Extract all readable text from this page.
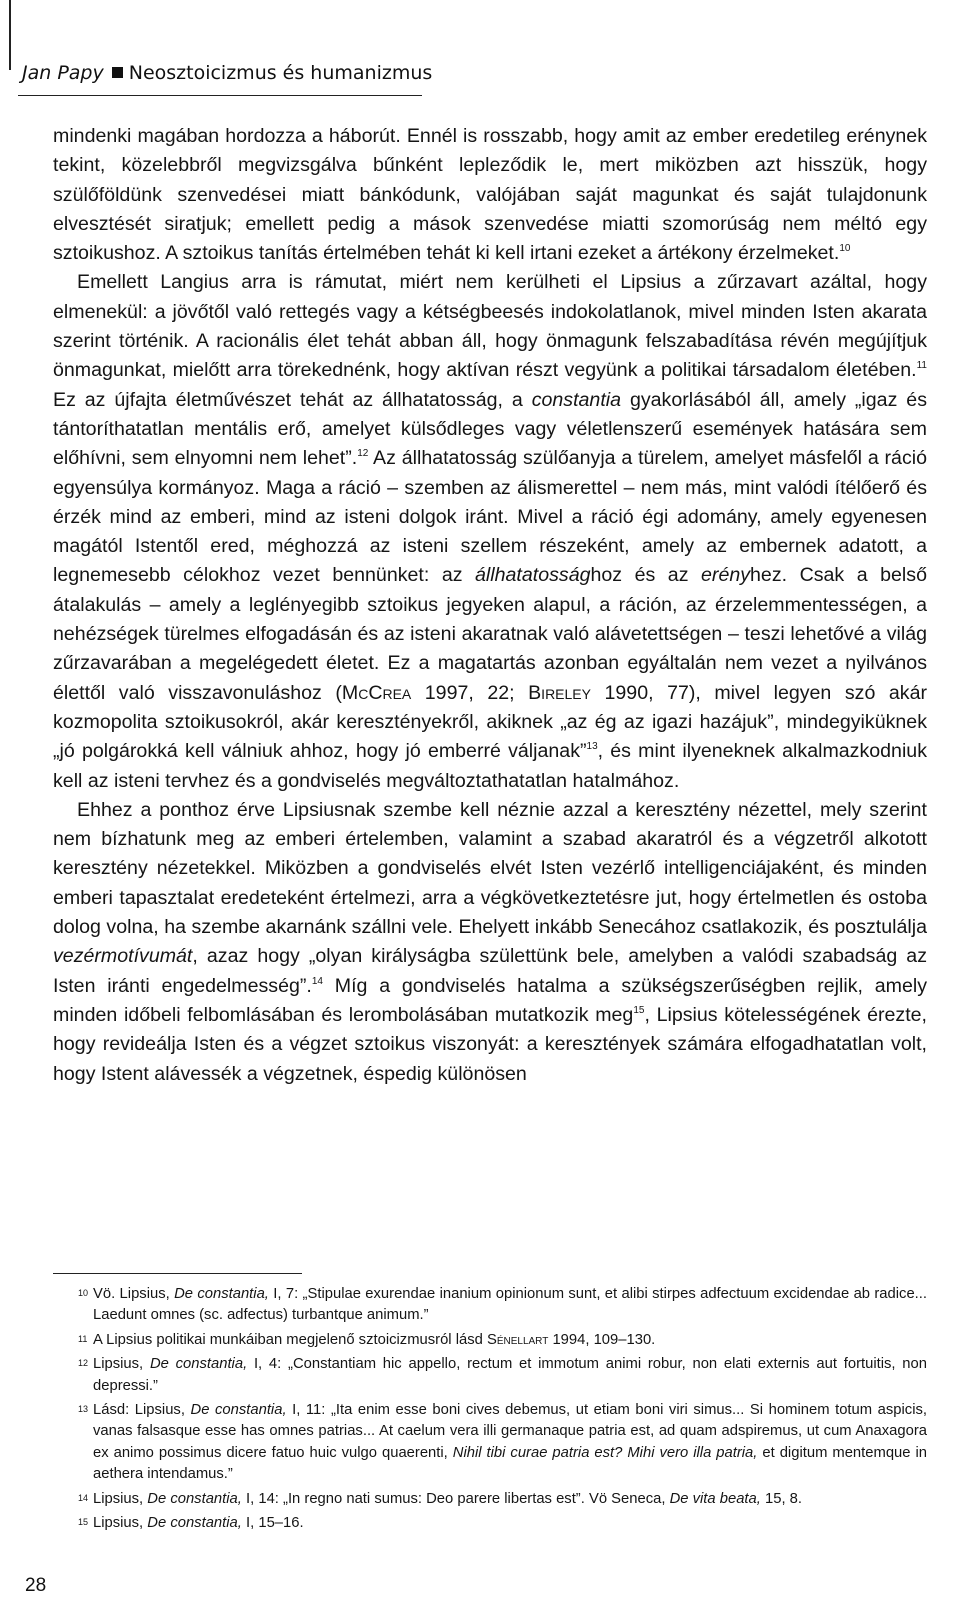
Jan Papy Neosztoicizmus és humanizmus

mindenki magában hordozza a háborút. Ennél is rosszabb, hogy amit az ember eredetileg erénynek tekint, közelebbről megvizsgálva bűnként lepleződik le, mert miközben azt hisszük, hogy szülőföldünk szenvedései miatt bánkódunk, valójában saját magunkat és saját tulajdonunk elvesztését siratjuk; emellett pedig a mások szenvedése miatti szomorúság nem méltó egy sztoikushoz. A sztoikus tanítás értelmében tehát ki kell irtani ezeket a ártékony érzelmeket.$^{10}$

Emellett Langius arra is rámutat, miért nem kerülheti el Lipsius a zűrzavart azáltal, hogy elmenekül: a jövőtől való rettegés vagy a kétségbeesés indokolatlanok, mivel minden Isten akarata szerint történik. A racionális élet tehát abban áll, hogy önmagunk felszabadítása révén megújítjuk önmagunkat, mielőtt arra törekednénk, hogy aktívan részt vegyünk a politikai társadalom életében.$^{11}$ Ez az újfajta életművészet tehát az állhatatosság, a constantia gyakorlásából áll, amely „igaz és tántoríthatatlan mentális erő, amelyet külsődleges vagy véletlenszerű események hatására sem előhívni, sem elnyomni nem lehet”.$^{12}$ Az állhatatosság szülőanyja a türelem, amelyet másfelől a ráció egyensúlya kormányoz. Maga a ráció – szemben az álismerettel – nem más, mint valódi ítélőerő és érzék mind az emberi, mind az isteni dolgok iránt. Mivel a ráció égi adomány, amely egyenesen magától Istentől ered, méghozzá az isteni szellem részeként, amely az embernek adatott, a legnemesebb célokhoz vezet bennünket: az állhatatossághoz és az erényhez. Csak a belső átalakulás – amely a leglényegibb sztoikus jegyeken alapul, a ráción, az érzelemmentességen, a nehézségek türelmes elfogadásán és az isteni akaratnak való alávetettségen – teszi lehetővé a világ zűrzavarában a megelégedett életet. Ez a magatartás azonban egyáltalán nem vezet a nyilvános élettől való visszavonuláshoz (McCrea 1997, 22; Bireley 1990, 77), mivel legyen szó akár kozmopolita sztoikusokról, akár keresztényekről, akiknek „az ég az igazi hazájuk”, mindegyiküknek „jó polgárokká kell válniuk ahhoz, hogy jó emberré váljanak”$^{13}$, és mint ilyeneknek alkalmazkodniuk kell az isteni tervhez és a gondviselés megváltoztathatatlan hatalmához.

Ehhez a ponthoz érve Lipsiusnak szembe kell néznie azzal a keresztény nézettel, mely szerint nem bízhatunk meg az emberi értelemben, valamint a szabad akaratról és a végzetről alkotott keresztény nézetekkel. Miközben a gondviselés elvét Isten vezérlő intelligenciájaként, és minden emberi tapasztalat eredeteként értelmezi, arra a végkövetkeztetésre jut, hogy értelmetlen és ostoba dolog volna, ha szembe akarnánk szállni vele. Ehelyett inkább Senecához csatlakozik, és posztulálja vezérmotívumát, azaz hogy „olyan királyságba születtünk bele, amelyben a valódi szabadság az Isten iránti engedelmesség”.$^{14}$ Míg a gondviselés hatalma a szükségszerűségben rejlik, amely minden időbeli felbomlásában és lerombolásában mutatkozik meg$^{15}$, Lipsius kötelességének érezte, hogy revideálja Isten és a végzet sztoikus viszonyát: a keresztények számára elfogadhatatlan volt, hogy Istent alávessék a végzetnek, éspedig különösen

10 Vö. Lipsius, De constantia, I, 7: „Stipulae exurendae inanium opinionum sunt, et alibi stirpes adfectuum excidendae ab radice... Laedunt omnes (sc. adfectus) turbantque animum.”
11 A Lipsius politikai munkáiban megjelenő sztoicizmusról lásd Sénellart 1994, 109–130.
12 Lipsius, De constantia, I, 4: „Constantiam hic appello, rectum et immotum animi robur, non elati externis aut fortuitis, non depressi.”
13 Lásd: Lipsius, De constantia, I, 11: „Ita enim esse boni cives debemus, ut etiam boni viri simus... Si hominem totum aspicis, vanas falsasque esse has omnes patrias... At caelum vera illi germanaque patria est, ad quam adspiremus, ut cum Anaxagora ex animo possimus dicere fatuo huic vulgo quaerenti, Nihil tibi curae patria est? Mihi vero illa patria, et digitum mentemque in aethera intendamus.”
14 Lipsius, De constantia, I, 14: „In regno nati sumus: Deo parere libertas est”. Vö Seneca, De vita beata, 15, 8.
15 Lipsius, De constantia, I, 15–16.
28
